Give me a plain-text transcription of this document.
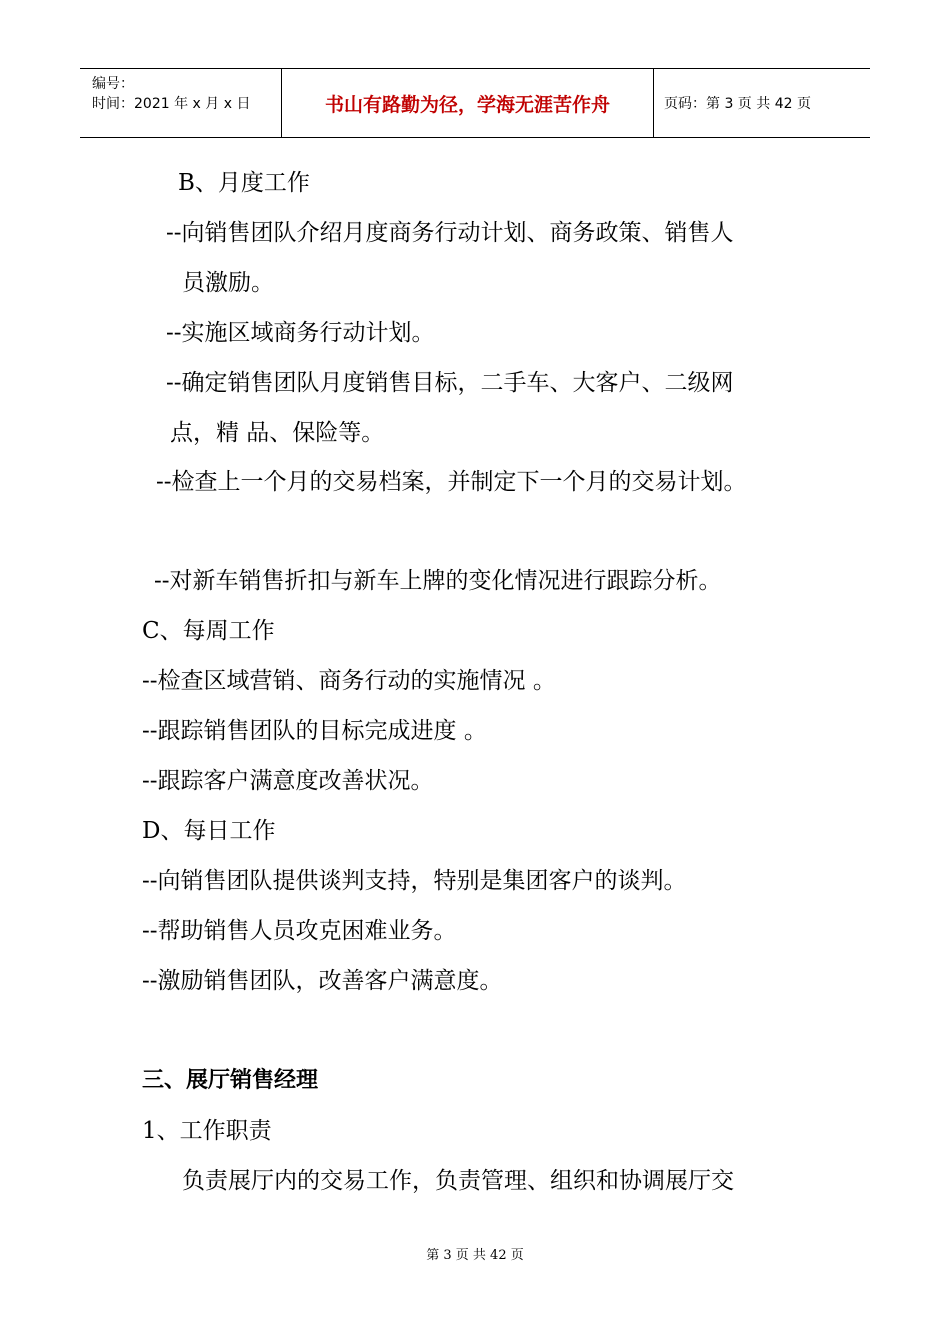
编号：
时间：2021 年 x 月 x 日	书山有路勤为径，学海无涯苦作舟	页码：第 3 页 共 42 页
B、月度工作
--向销售团队介绍月度商务行动计划、商务政策、销售人
员激励。
--实施区域商务行动计划。
--确定销售团队月度销售目标，二手车、大客户、二级网
点，精 品、保险等。
--检查上一个月的交易档案，并制定下一个月的交易计划。
--对新车销售折扣与新车上牌的变化情况进行跟踪分析。
C、每周工作
--检查区域营销、商务行动的实施情况 。
--跟踪销售团队的目标完成进度 。
--跟踪客户满意度改善状况。
D、每日工作
--向销售团队提供谈判支持，特别是集团客户的谈判。
--帮助销售人员攻克困难业务。
--激励销售团队，改善客户满意度。
三、展厅销售经理
1、工作职责
负责展厅内的交易工作，负责管理、组织和协调展厅交
第 3 页 共 42 页
